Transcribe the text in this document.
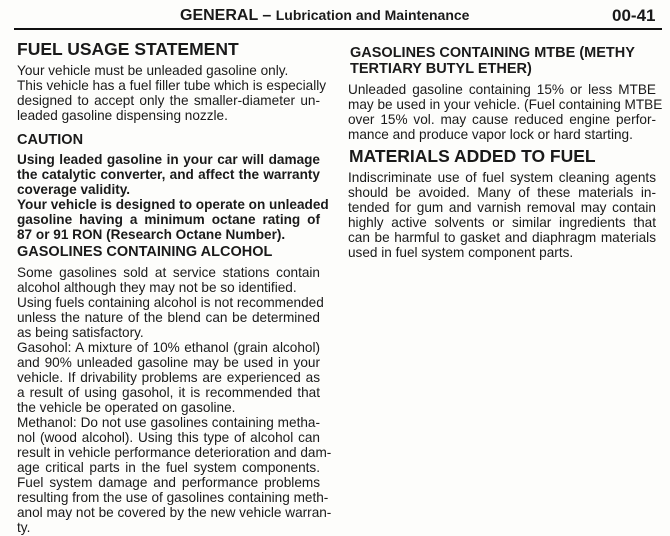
GENERAL – Lubrication and Maintenance	00-41
FUEL USAGE STATEMENT
Your vehicle must be unleaded gasoline only.
This vehicle has a fuel filler tube which is especially
designed to accept only the smaller-diameter un-
leaded gasoline dispensing nozzle.
CAUTION
Using leaded gasoline in your car will damage
the catalytic converter, and affect the warranty
coverage validity.
Your vehicle is designed to operate on unleaded
gasoline having a minimum octane rating of
87 or 91 RON (Research Octane Number).
GASOLINES CONTAINING ALCOHOL
Some gasolines sold at service stations contain
alcohol although they may not be so identified.
Using fuels containing alcohol is not recommended
unless the nature of the blend can be determined
as being satisfactory.
Gasohol: A mixture of 10% ethanol (grain alcohol)
and 90% unleaded gasoline may be used in your
vehicle. If drivability problems are experienced as
a result of using gasohol, it is recommended that
the vehicle be operated on gasoline.
Methanol: Do not use gasolines containing metha-
nol (wood alcohol). Using this type of alcohol can
result in vehicle performance deterioration and dam-
age critical parts in the fuel system components.
Fuel system damage and performance problems
resulting from the use of gasolines containing meth-
anol may not be covered by the new vehicle warran-
ty.
GASOLINES CONTAINING MTBE (METHY
TERTIARY BUTYL ETHER)
Unleaded gasoline containing 15% or less MTBE
may be used in your vehicle. (Fuel containing MTBE
over 15% vol. may cause reduced engine perfor-
mance and produce vapor lock or hard starting.
MATERIALS ADDED TO FUEL
Indiscriminate use of fuel system cleaning agents
should be avoided. Many of these materials in-
tended for gum and varnish removal may contain
highly active solvents or similar ingredients that
can be harmful to gasket and diaphragm materials
used in fuel system component parts.
